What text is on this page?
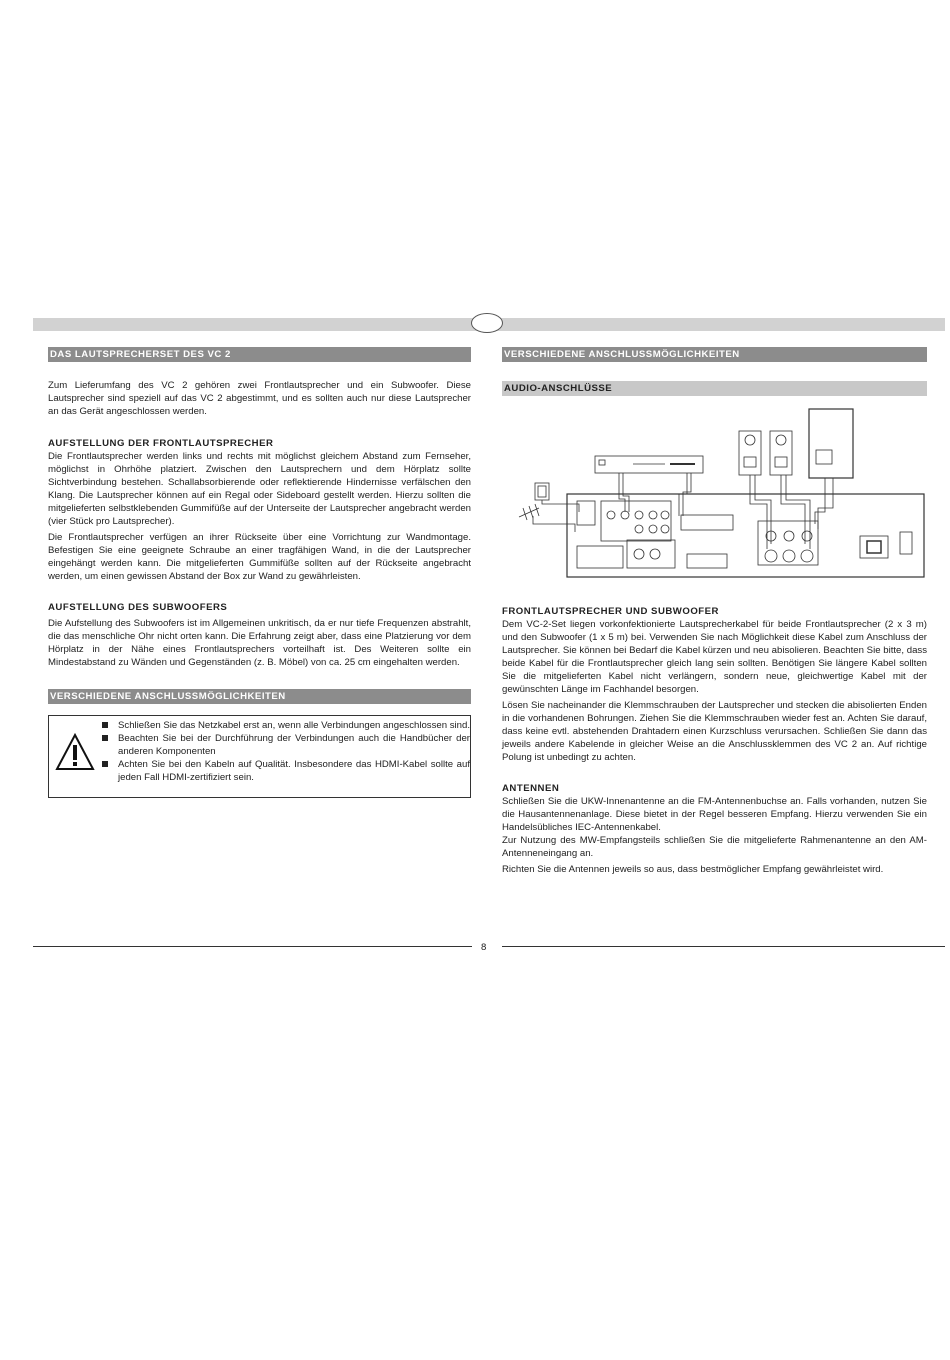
DAS LAUTSPRECHERSET DES VC 2

Zum Lieferumfang des VC 2 gehören zwei Frontlautsprecher und ein Subwoofer. Diese Lautsprecher sind speziell auf das VC 2 abgestimmt, und es sollten auch nur diese Lautsprecher an das Gerät angeschlossen werden.

AUFSTELLUNG DER FRONTLAUTSPRECHER

Die Frontlautsprecher werden links und rechts mit möglichst gleichem Abstand zum Fernseher, möglichst in Ohrhöhe platziert. Zwischen den Lautsprechern und dem Hörplatz sollte Sichtverbindung bestehen. Schallabsorbierende oder reflektierende Hindernisse verfälschen den Klang. Die Lautsprecher können auf ein Regal oder Sideboard gestellt werden. Hierzu sollten die mitgelieferten selbstklebenden Gummifüße auf der Unterseite der Lautsprecher angebracht werden (vier Stück pro Lautsprecher).

Die Frontlautsprecher verfügen an ihrer Rückseite über eine Vorrichtung zur Wandmontage. Befestigen Sie eine geeignete Schraube an einer tragfähigen Wand, in die der Lautsprecher eingehängt werden kann. Die mitgelieferten Gummifüße sollten auf der Rückseite angebracht werden, um einen gewissen Abstand der Box zur Wand zu gewährleisten.

AUFSTELLUNG DES SUBWOOFERS

Die Aufstellung des Subwoofers ist im Allgemeinen unkritisch, da er nur tiefe Frequenzen abstrahlt, die das menschliche Ohr nicht orten kann. Die Erfahrung zeigt aber, dass eine Platzierung vor dem Hörplatz in der Nähe eines Frontlautsprechers vorteilhaft ist. Des Weiteren sollte ein Mindestabstand zu Wänden und Gegenständen (z. B. Möbel) von ca. 25 cm eingehalten werden.

VERSCHIEDENE ANSCHLUSSMÖGLICHKEITEN
Schließen Sie das Netzkabel erst an, wenn alle Verbindungen angeschlossen sind.
Beachten Sie bei der Durchführung der Verbindungen auch die Handbücher der anderen Komponenten
Achten Sie bei den Kabeln auf Qualität. Insbesondere das HDMI-Kabel sollte auf jeden Fall HDMI-zertifiziert sein.
VERSCHIEDENE ANSCHLUSSMÖGLICHKEITEN
AUDIO-ANSCHLÜSSE
FRONTLAUTSPRECHER UND SUBWOOFER

Dem VC-2-Set liegen vorkonfektionierte Lautsprecherkabel für beide Frontlautsprecher (2 x 3 m) und den Subwoofer (1 x 5 m) bei. Verwenden Sie nach Möglichkeit diese Kabel zum Anschluss der Lautsprecher. Sie können bei Bedarf die Kabel kürzen und neu abisolieren. Beachten Sie bitte, dass beide Kabel für die Frontlautsprecher gleich lang sein sollten. Benötigen Sie längere Kabel sollten Sie die mitgelieferten Kabel nicht verlängern, sondern neue, gleichwertige Kabel mit der gewünschten Länge im Fachhandel besorgen.

Lösen Sie nacheinander die Klemmschrauben der Lautsprecher und stecken die abisolierten Enden in die vorhandenen Bohrungen. Ziehen Sie die Klemmschrauben wieder fest an. Achten Sie darauf, dass keine evtl. abstehenden Drahtadern einen Kurzschluss verursachen. Schließen Sie dann das jeweils andere Kabelende in gleicher Weise an die Anschlussklemmen des VC 2 an. Auf richtige Polung ist unbedingt zu achten.

ANTENNEN

Schließen Sie die UKW-Innenantenne an die FM-Antennenbuchse an. Falls vorhanden, nutzen Sie die Hausantennenanlage. Diese bietet in der Regel besseren Empfang. Hierzu verwenden Sie ein Handelsübliches IEC-Antennenkabel.

Zur Nutzung des MW-Empfangsteils schließen Sie die mitgelieferte Rahmenantenne an den AM-Antenneneingang an.

Richten Sie die Antennen jeweils so aus, dass bestmöglicher Empfang gewährleistet wird.

8
